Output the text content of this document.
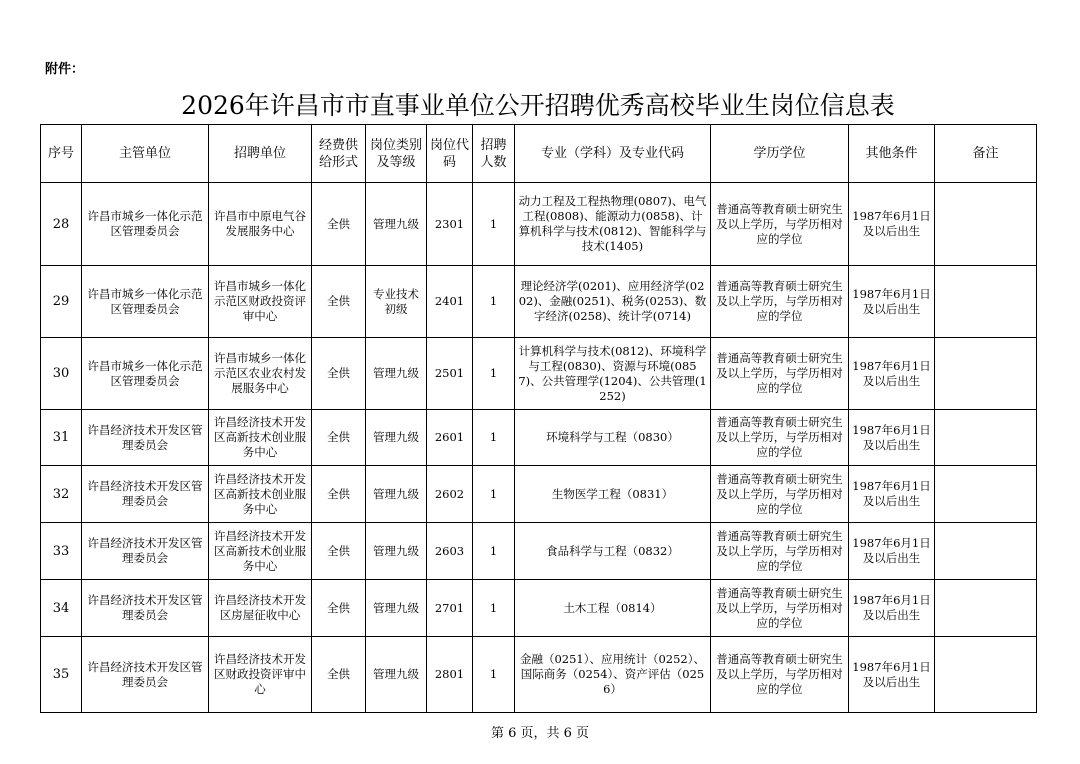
附件：
2026年许昌市市直事业单位公开招聘优秀高校毕业生岗位信息表
序号	主管单位	招聘单位	经费供给形式	岗位类别及等级	岗位代码	招聘人数	专业（学科）及专业代码	学历学位	其他条件	备注
28	许昌市城乡一体化示范区管理委员会	许昌市中原电气谷发展服务中心	全供	管理九级	2301	1	动力工程及工程热物理(0807)、电气工程(0808)、能源动力(0858)、计算机科学与技术(0812)、智能科学与技术(1405)	普通高等教育硕士研究生及以上学历，与学历相对应的学位	1987年6月1日及以后出生	
29	许昌市城乡一体化示范区管理委员会	许昌市城乡一体化示范区财政投资评审中心	全供	专业技术初级	2401	1	理论经济学(0201)、应用经济学(0202)、金融(0251)、税务(0253)、数字经济(0258)、统计学(0714)	普通高等教育硕士研究生及以上学历，与学历相对应的学位	1987年6月1日及以后出生	
30	许昌市城乡一体化示范区管理委员会	许昌市城乡一体化示范区农业农村发展服务中心	全供	管理九级	2501	1	计算机科学与技术(0812)、环境科学与工程(0830)、资源与环境(0857)、公共管理学(1204)、公共管理(1252)	普通高等教育硕士研究生及以上学历，与学历相对应的学位	1987年6月1日及以后出生	
31	许昌经济技术开发区管理委员会	许昌经济技术开发区高新技术创业服务中心	全供	管理九级	2601	1	环境科学与工程（0830）	普通高等教育硕士研究生及以上学历，与学历相对应的学位	1987年6月1日及以后出生	
32	许昌经济技术开发区管理委员会	许昌经济技术开发区高新技术创业服务中心	全供	管理九级	2602	1	生物医学工程（0831）	普通高等教育硕士研究生及以上学历，与学历相对应的学位	1987年6月1日及以后出生	
33	许昌经济技术开发区管理委员会	许昌经济技术开发区高新技术创业服务中心	全供	管理九级	2603	1	食品科学与工程（0832）	普通高等教育硕士研究生及以上学历，与学历相对应的学位	1987年6月1日及以后出生	
34	许昌经济技术开发区管理委员会	许昌经济技术开发区房屋征收中心	全供	管理九级	2701	1	土木工程（0814）	普通高等教育硕士研究生及以上学历，与学历相对应的学位	1987年6月1日及以后出生	
35	许昌经济技术开发区管理委员会	许昌经济技术开发区财政投资评审中心	全供	管理九级	2801	1	金融（0251）、应用统计（0252）、国际商务（0254）、资产评估（0256）	普通高等教育硕士研究生及以上学历，与学历相对应的学位	1987年6月1日及以后出生	
第 6 页，共 6 页
